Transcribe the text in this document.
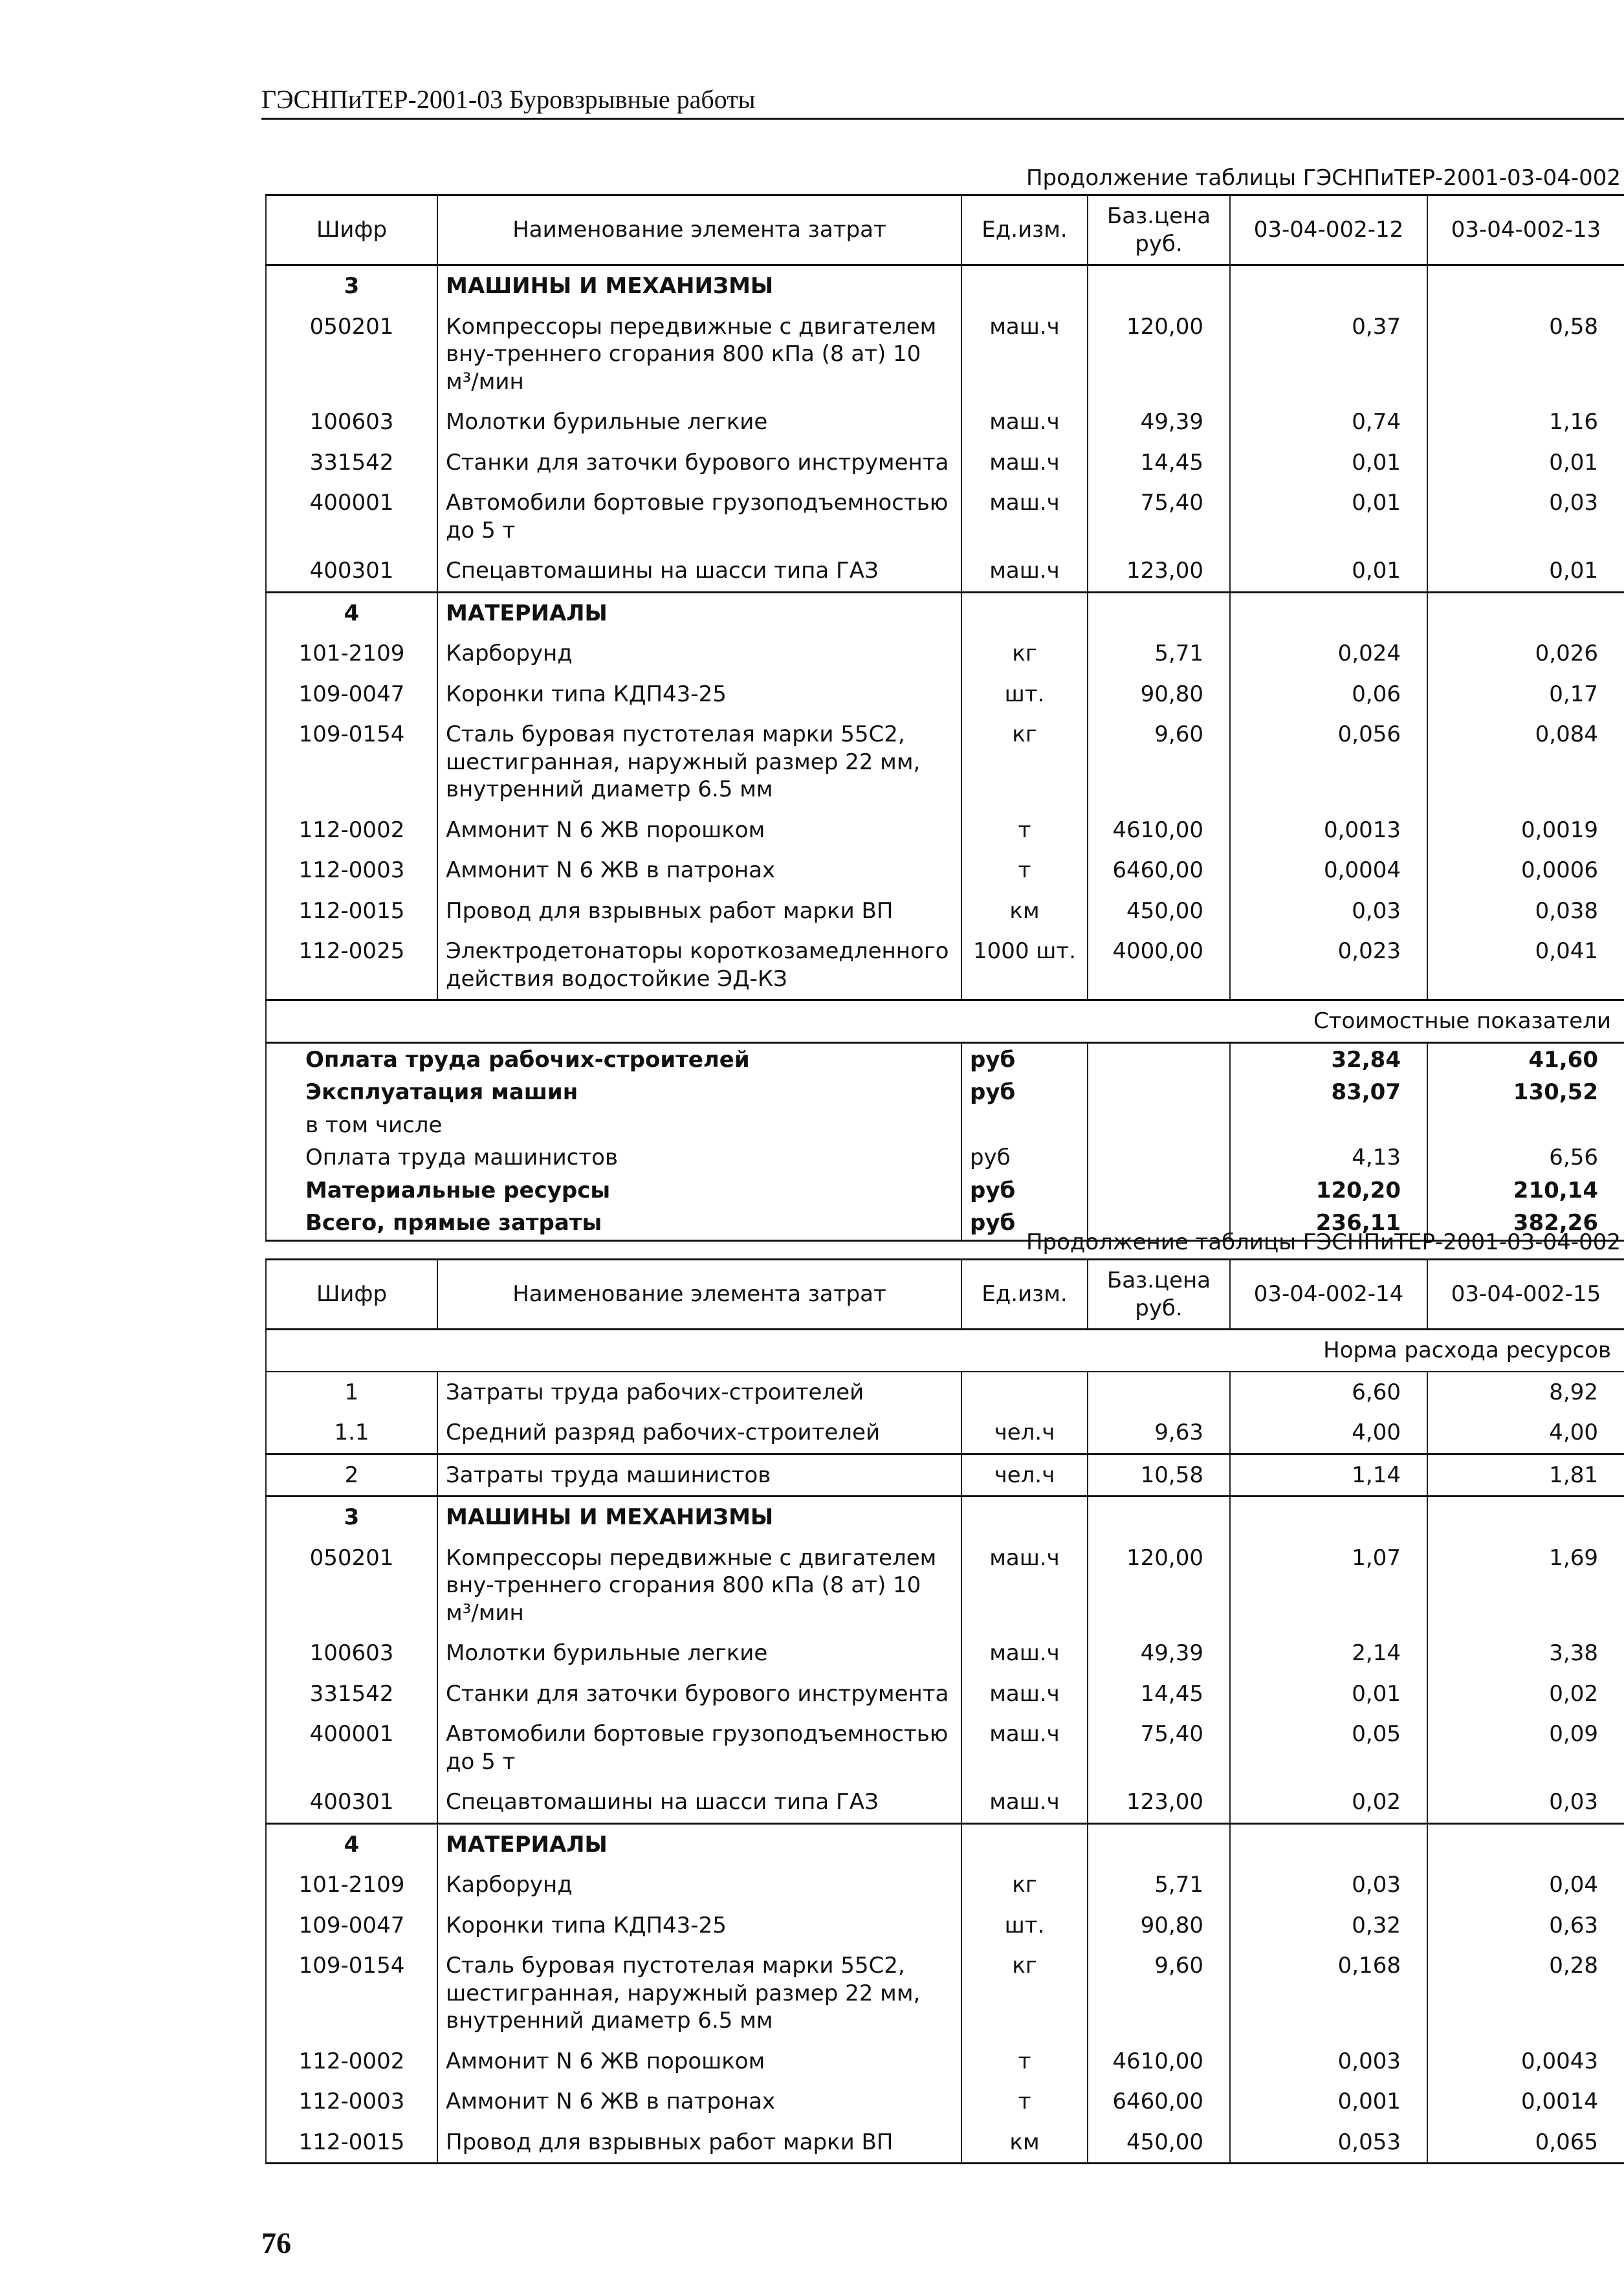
ГЭСНПиТЕР-2001-03 Буровзрывные работы
Продолжение таблицы ГЭСНПиТЕР-2001-03-04-002
Шифр	Наименование элемента затрат	Ед.изм.	Баз.цена руб.	03-04-002-12	03-04-002-13
3	МАШИНЫ И МЕХАНИЗМЫ				
050201	Компрессоры передвижные с двигателем вну-треннего сгорания 800 кПа (8 ат) 10 м³/мин	маш.ч	120,00	0,37	0,58
100603	Молотки бурильные легкие	маш.ч	49,39	0,74	1,16
331542	Станки для заточки бурового инструмента	маш.ч	14,45	0,01	0,01
400001	Автомобили бортовые грузоподъемностью до 5 т	маш.ч	75,40	0,01	0,03
400301	Спецавтомашины на шасси типа ГАЗ	маш.ч	123,00	0,01	0,01
4	МАТЕРИАЛЫ				
101-2109	Карборунд	кг	5,71	0,024	0,026
109-0047	Коронки типа КДП43-25	шт.	90,80	0,06	0,17
109-0154	Сталь буровая пустотелая марки 55С2, шестигранная, наружный размер 22 мм, внутренний диаметр 6.5 мм	кг	9,60	0,056	0,084
112-0002	Аммонит N 6 ЖВ порошком	т	4610,00	0,0013	0,0019
112-0003	Аммонит N 6 ЖВ в патронах	т	6460,00	0,0004	0,0006
112-0015	Провод для взрывных работ марки ВП	км	450,00	0,03	0,038
112-0025	Электродетонаторы короткозамедленного действия водостойкие ЭД-КЗ	1000 шт.	4000,00	0,023	0,041
Стоимостные показатели					
Оплата труда рабочих-строителей		руб		32,84	41,60
Эксплуатация машин		руб		83,07	130,52
в том числе					
Оплата труда машинистов		руб		4,13	6,56
Материальные ресурсы		руб		120,20	210,14
Всего, прямые затраты		руб		236,11	382,26
Продолжение таблицы ГЭСНПиТЕР-2001-03-04-002
Шифр	Наименование элемента затрат	Ед.изм.	Баз.цена руб.	03-04-002-14	03-04-002-15
Норма расхода ресурсов					
1	Затраты труда рабочих-строителей			6,60	8,92
1.1	Средний разряд рабочих-строителей	чел.ч	9,63	4,00	4,00
2	Затраты труда машинистов	чел.ч	10,58	1,14	1,81
3	МАШИНЫ И МЕХАНИЗМЫ				
050201	Компрессоры передвижные с двигателем вну-треннего сгорания 800 кПа (8 ат) 10 м³/мин	маш.ч	120,00	1,07	1,69
100603	Молотки бурильные легкие	маш.ч	49,39	2,14	3,38
331542	Станки для заточки бурового инструмента	маш.ч	14,45	0,01	0,02
400001	Автомобили бортовые грузоподъемностью до 5 т	маш.ч	75,40	0,05	0,09
400301	Спецавтомашины на шасси типа ГАЗ	маш.ч	123,00	0,02	0,03
4	МАТЕРИАЛЫ				
101-2109	Карборунд	кг	5,71	0,03	0,04
109-0047	Коронки типа КДП43-25	шт.	90,80	0,32	0,63
109-0154	Сталь буровая пустотелая марки 55С2, шестигранная, наружный размер 22 мм, внутренний диаметр 6.5 мм	кг	9,60	0,168	0,28
112-0002	Аммонит N 6 ЖВ порошком	т	4610,00	0,003	0,0043
112-0003	Аммонит N 6 ЖВ в патронах	т	6460,00	0,001	0,0014
112-0015	Провод для взрывных работ марки ВП	км	450,00	0,053	0,065
76
